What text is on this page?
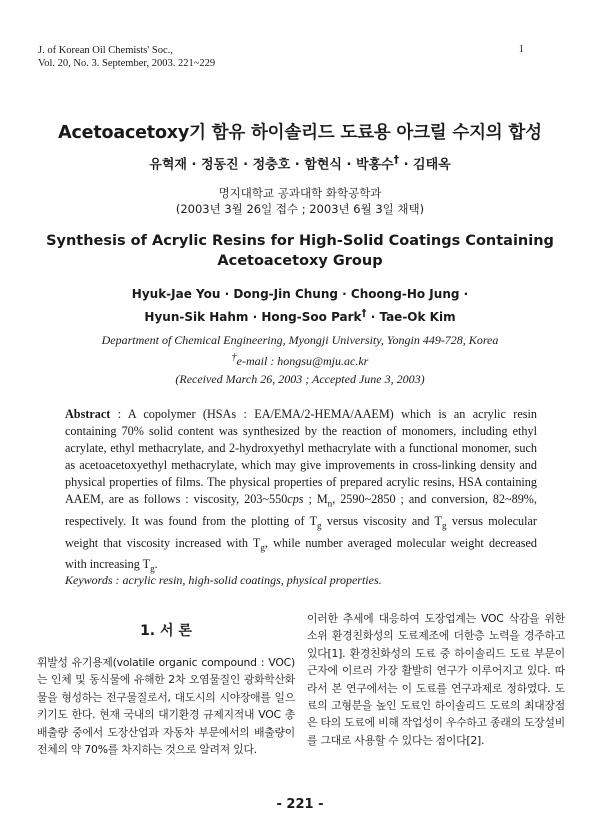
J. of Korean Oil Chemists' Soc.,
Vol. 20, No. 3. September, 2003. 221~229
1
Acetoacetoxy기 함유 하이솔리드 도료용 아크릴 수지의 합성
유혁재 · 정동진 · 정충호 · 함현식 · 박홍수† · 김태옥
명지대학교 공과대학 화학공학과
(2003년 3월 26일 접수 ; 2003년 6월 3일 채택)
Synthesis of Acrylic Resins for High-Solid Coatings Containing
Acetoacetoxy Group
Hyuk-Jae You · Dong-Jin Chung · Choong-Ho Jung ·
Hyun-Sik Hahm · Hong-Soo Park† · Tae-Ok Kim
Department of Chemical Engineering, Myongji University, Yongin 449-728, Korea
†e-mail : hongsu@mju.ac.kr
(Received March 26, 2003 ; Accepted June 3, 2003)
Abstract : A copolymer (HSAs : EA/EMA/2-HEMA/AAEM) which is an acrylic resin containing 70% solid content was synthesized by the reaction of monomers, including ethyl acrylate, ethyl methacrylate, and 2-hydroxyethyl methacrylate with a functional monomer, such as acetoacetoxyethyl methacrylate, which may give improvements in cross-linking density and physical properties of films. The physical properties of prepared acrylic resins, HSA containing AAEM, are as follows : viscosity, 203~550cps ; $M_n$, 2590~2850 ; and conversion, 82~89%, respectively. It was found from the plotting of $T_g$ versus viscosity and $T_g$ versus molecular weight that viscosity increased with $T_g$, while number averaged molecular weight decreased with increasing $T_g$.
Keywords : acrylic resin, high-solid coatings, physical properties.
1. 서 론
휘발성 유기용제(volatile organic compound : VOC)는 인체 및 동식물에 유해한 2차 오염물질인 광화학산화물을 형성하는 전구물질로서, 대도시의 시야장애를 일으키기도 한다. 현재 국내의 대기환경 규제지적내 VOC 총배출량 중에서 도장산업과 자동차 부문에서의 배출량이 전체의 약 70%를 차지하는 것으로 알려져 있다.
이러한 추세에 대응하여 도장업계는 VOC 삭감을 위한 소위 환경친화성의 도료제조에 더한층 노력을 경주하고 있다[1]. 환경친화성의 도료 중 하이솔리드 도료 부문이 근자에 이르러 가장 활발히 연구가 이루어지고 있다. 따라서 본 연구에서는 이 도료를 연구과제로 정하였다. 도료의 고형분을 높인 도료인 하이솔리드 도료의 최대장점은 타의 도료에 비해 작업성이 우수하고 종래의 도장설비를 그대로 사용할 수 있다는 점이다[2].
- 221 -
